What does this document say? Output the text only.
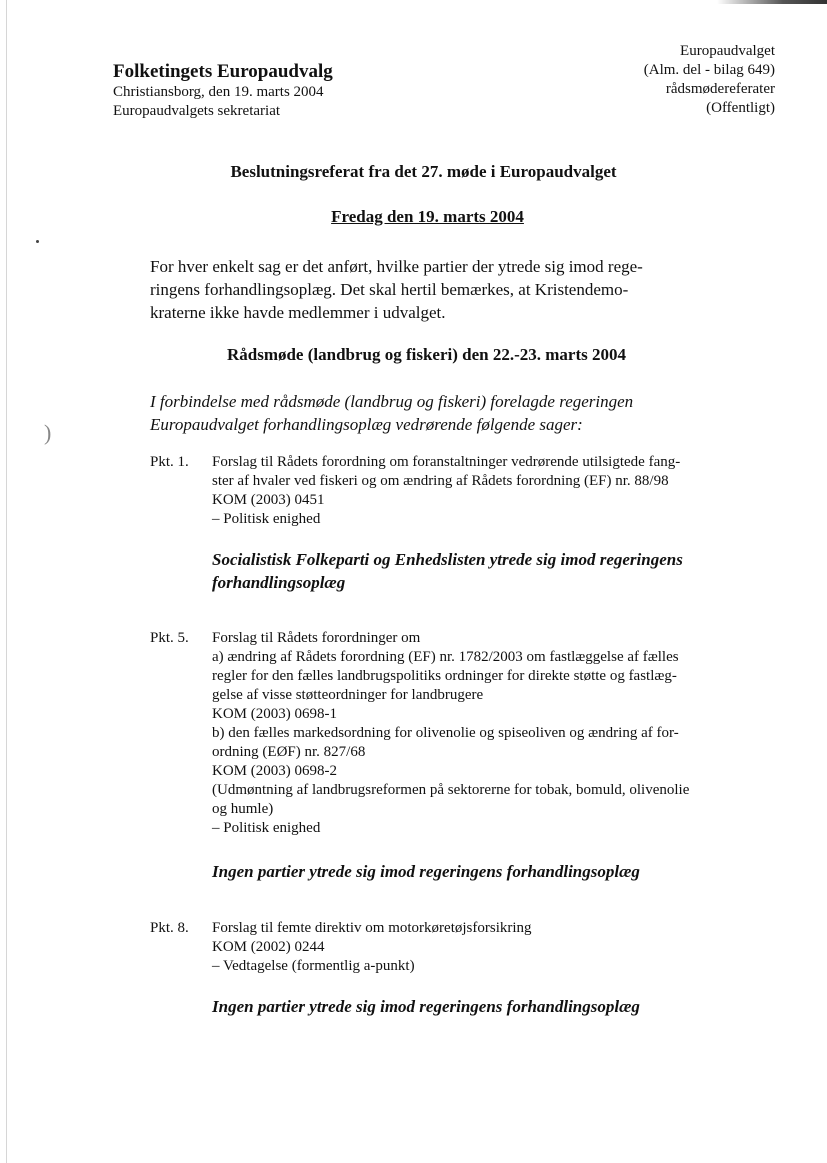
)
Folketingets Europaudvalg
Christiansborg, den 19. marts 2004
Europaudvalgets sekretariat
Europaudvalget
(Alm. del - bilag 649)
rådsmødereferater
(Offentligt)
Beslutningsreferat fra det 27. møde i Europaudvalget
Fredag den 19. marts 2004
For hver enkelt sag er det anført, hvilke partier der ytrede sig imod rege-
ringens forhandlingsoplæg. Det skal hertil bemærkes, at Kristendemo-
kraterne ikke havde medlemmer i udvalget.
Rådsmøde (landbrug og fiskeri) den 22.-23. marts 2004
I forbindelse med rådsmøde (landbrug og fiskeri) forelagde regeringen
Europaudvalget forhandlingsoplæg vedrørende følgende sager:
Pkt. 1.	Forslag til Rådets forordning om foranstaltninger vedrørende utilsigtede fang-
ster af hvaler ved fiskeri og om ændring af Rådets forordning (EF) nr. 88/98
KOM (2003) 0451
– Politisk enighed
Socialistisk Folkeparti og Enhedslisten ytrede sig imod regeringens
forhandlingsoplæg
Pkt. 5.	Forslag til Rådets forordninger om
a) ændring af Rådets forordning (EF) nr. 1782/2003 om fastlæggelse af fælles
regler for den fælles landbrugspolitiks ordninger for direkte støtte og fastlæg-
gelse af visse støtteordninger for landbrugere
KOM (2003) 0698-1
b) den fælles markedsordning for olivenolie og spiseoliven og ændring af for-
ordning (EØF) nr. 827/68
KOM (2003) 0698-2
(Udmøntning af landbrugsreformen på sektorerne for tobak, bomuld, olivenolie
og humle)
– Politisk enighed
Ingen partier ytrede sig imod regeringens forhandlingsoplæg
Pkt. 8.	Forslag til femte direktiv om motorkøretøjsforsikring
KOM (2002) 0244
– Vedtagelse (formentlig a-punkt)
Ingen partier ytrede sig imod regeringens forhandlingsoplæg
